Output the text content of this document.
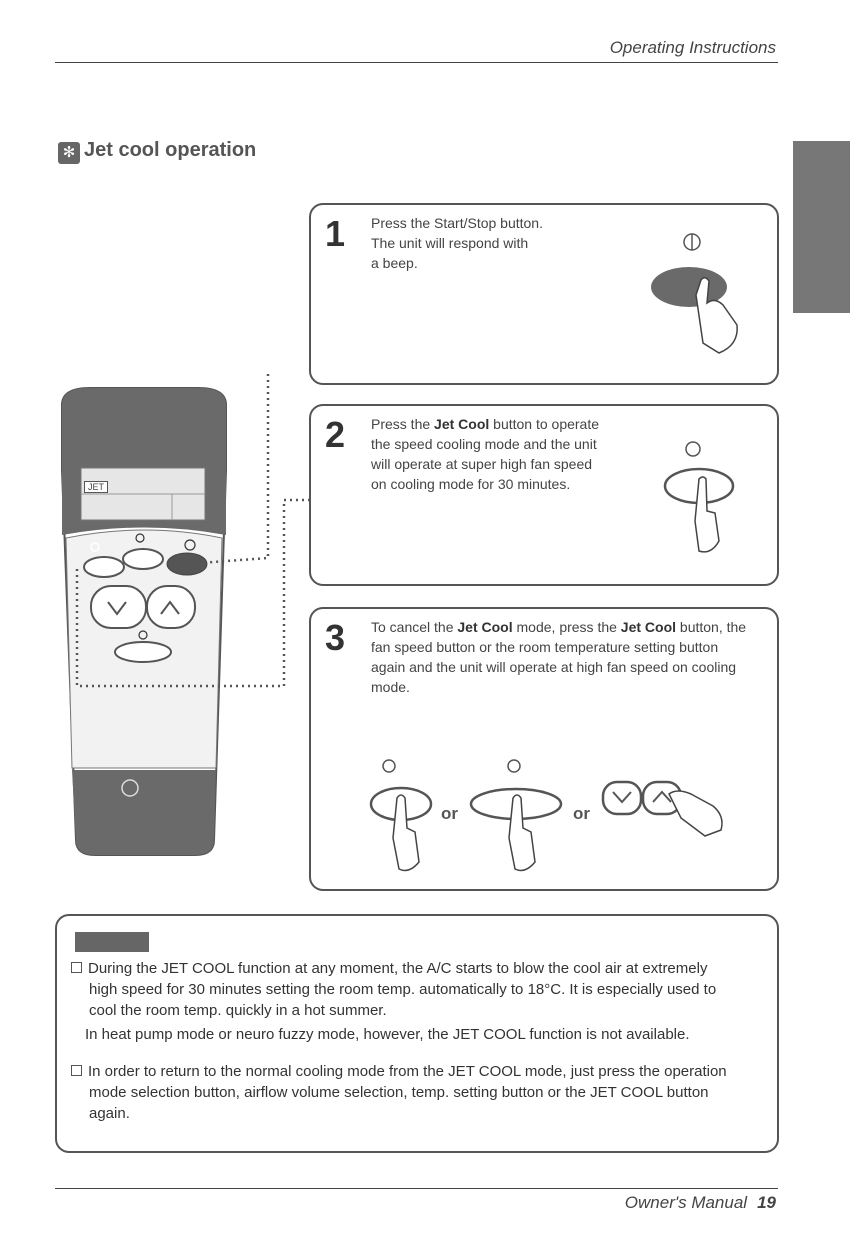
Operating Instructions
✻ Jet cool operation
JET
1 Press the Start/Stop button.
The unit will respond with
a beep.
2 Press the Jet Cool button to operate
the speed cooling mode and the unit
will operate at super high fan speed
on cooling mode for 30 minutes.
3 To cancel the Jet Cool mode, press the Jet Cool button, the
fan speed button or the room temperature setting button
again and the unit will operate at high fan speed on cooling
mode.
or	or
During the JET COOL function at any moment, the A/C starts to blow the cool air at extremely
high speed for 30 minutes setting the room temp. automatically to 18°C. It is especially used to
cool the room temp. quickly in a hot summer.
In heat pump mode or neuro fuzzy mode, however, the JET COOL function is not available.
In order to return to the normal cooling mode from the JET COOL mode, just press the operation
mode selection button, airflow volume selection, temp. setting button or the JET COOL button
again.
Owner's Manual 19
